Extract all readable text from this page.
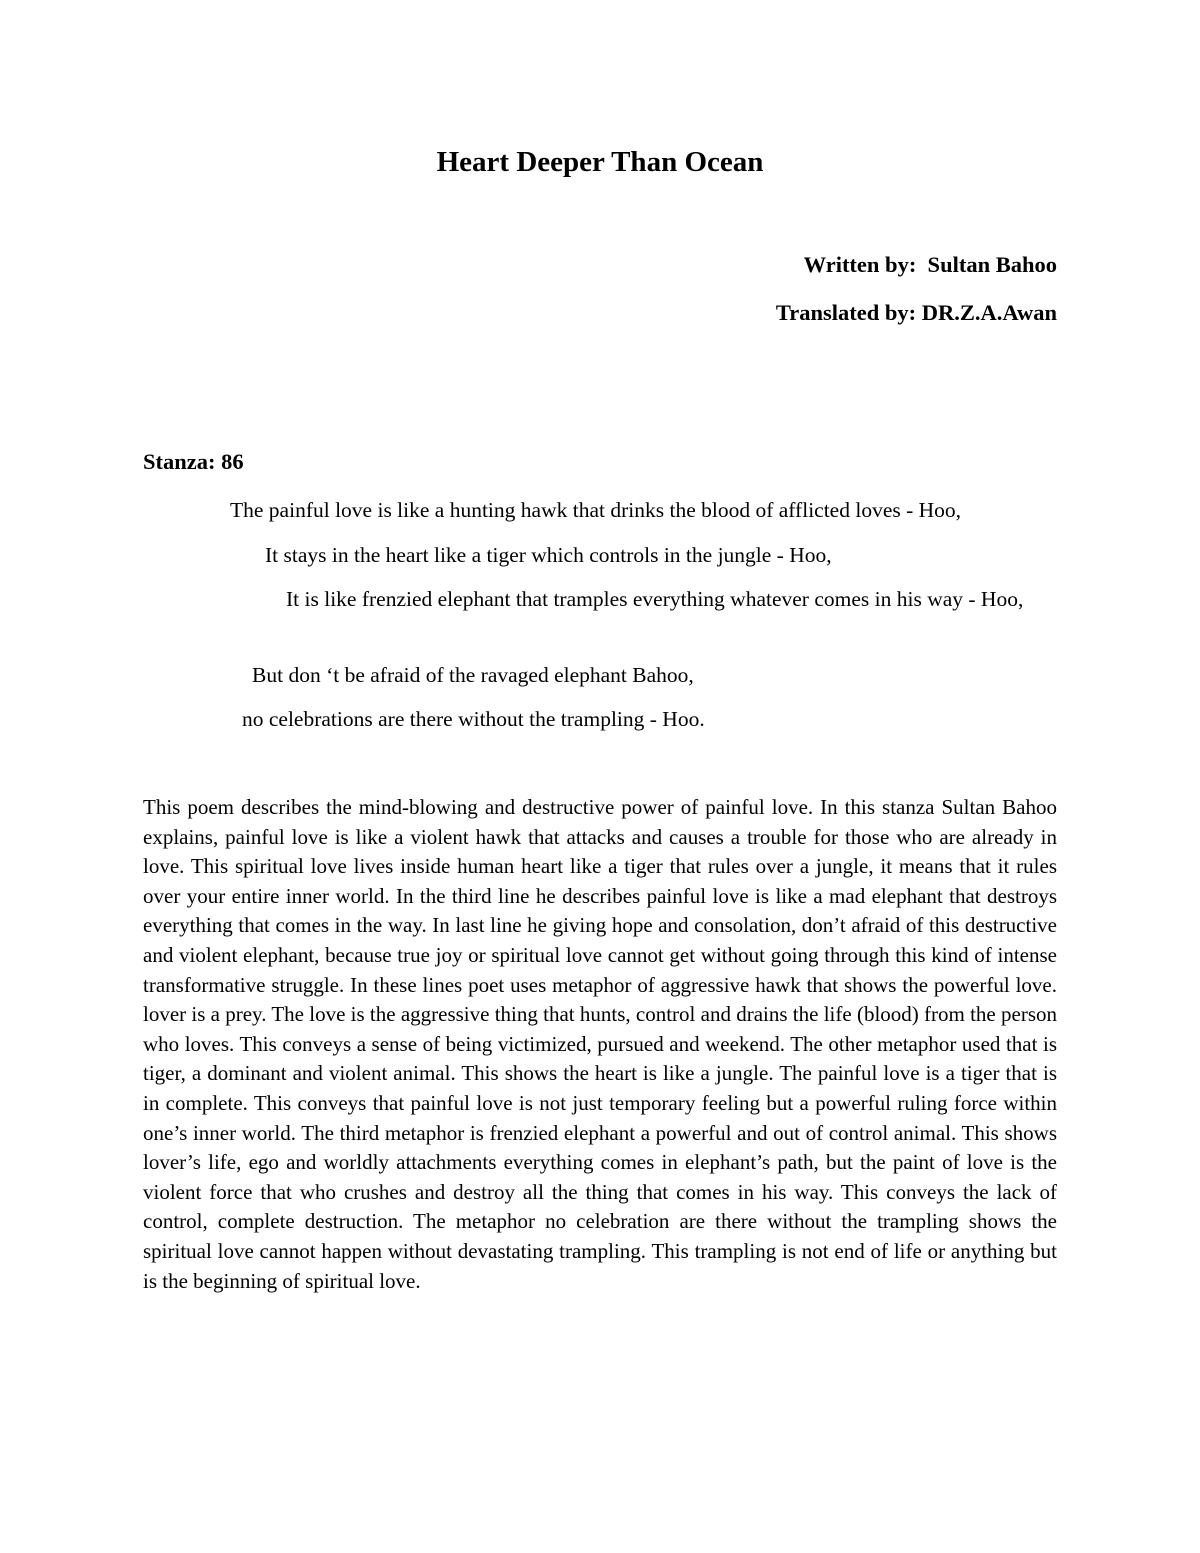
Heart Deeper Than Ocean
Written by:  Sultan Bahoo
Translated by: DR.Z.A.Awan
Stanza: 86
The painful love is like a hunting hawk that drinks the blood of afflicted loves - Hoo,
It stays in the heart like a tiger which controls in the jungle - Hoo,
It is like frenzied elephant that tramples everything whatever comes in his way - Hoo,
But don ‘t be afraid of the ravaged elephant Bahoo,
no celebrations are there without the trampling - Hoo.
This poem describes the mind-blowing and destructive power of painful love. In this stanza Sultan Bahoo explains, painful love is like a violent hawk that attacks and causes a trouble for those who are already in love. This spiritual love lives inside human heart like a tiger that rules over a jungle, it means that it rules over your entire inner world. In the third line he describes painful love is like a mad elephant that destroys everything that comes in the way. In last line he giving hope and consolation, don’t afraid of this destructive and violent elephant, because true joy or spiritual love cannot get without going through this kind of intense transformative struggle. In these lines poet uses metaphor of aggressive hawk that shows the powerful love. lover is a prey. The love is the aggressive thing that hunts, control and drains the life (blood) from the person who loves. This conveys a sense of being victimized, pursued and weekend. The other metaphor used that is tiger, a dominant and violent animal. This shows the heart is like a jungle. The painful love is a tiger that is in complete. This conveys that painful love is not just temporary feeling but a powerful ruling force within one’s inner world. The third metaphor is frenzied elephant a powerful and out of control animal. This shows lover’s life, ego and worldly attachments everything comes in elephant’s path, but the paint of love is the violent force that who crushes and destroy all the thing that comes in his way. This conveys the lack of control, complete destruction. The metaphor no celebration are there without the trampling shows the spiritual love cannot happen without devastating trampling. This trampling is not end of life or anything but is the beginning of spiritual love.
